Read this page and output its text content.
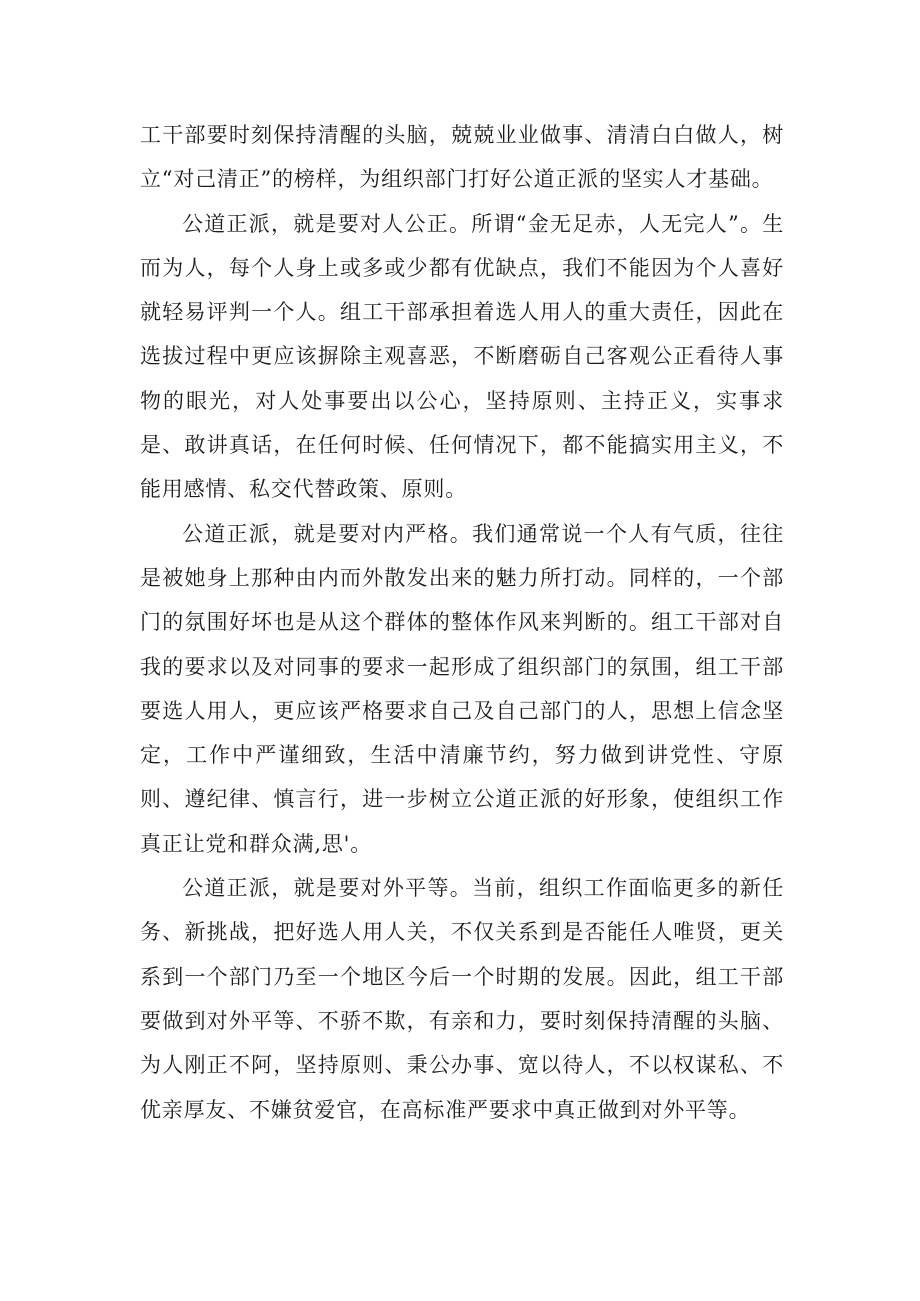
工干部要时刻保持清醒的头脑，兢兢业业做事、清清白白做人，树立“对己清正”的榜样，为组织部门打好公道正派的坚实人才基础。

公道正派，就是要对人公正。所谓“金无足赤，人无完人”。生而为人，每个人身上或多或少都有优缺点，我们不能因为个人喜好就轻易评判一个人。组工干部承担着选人用人的重大责任，因此在选拔过程中更应该摒除主观喜恶，不断磨砺自己客观公正看待人事物的眼光，对人处事要出以公心，坚持原则、主持正义，实事求是、敢讲真话，在任何时候、任何情况下，都不能搞实用主义，不能用感情、私交代替政策、原则。

公道正派，就是要对内严格。我们通常说一个人有气质，往往是被她身上那种由内而外散发出来的魅力所打动。同样的，一个部门的氛围好坏也是从这个群体的整体作风来判断的。组工干部对自我的要求以及对同事的要求一起形成了组织部门的氛围，组工干部要选人用人，更应该严格要求自己及自己部门的人，思想上信念坚定，工作中严谨细致，生活中清廉节约，努力做到讲党性、守原则、遵纪律、慎言行，进一步树立公道正派的好形象，使组织工作真正让党和群众满,思'。

公道正派，就是要对外平等。当前，组织工作面临更多的新任务、新挑战，把好选人用人关，不仅关系到是否能任人唯贤，更关系到一个部门乃至一个地区今后一个时期的发展。因此，组工干部要做到对外平等、不骄不欺，有亲和力，要时刻保持清醒的头脑、为人刚正不阿，坚持原则、秉公办事、宽以待人，不以权谋私、不优亲厚友、不嫌贫爱官，在高标准严要求中真正做到对外平等。
